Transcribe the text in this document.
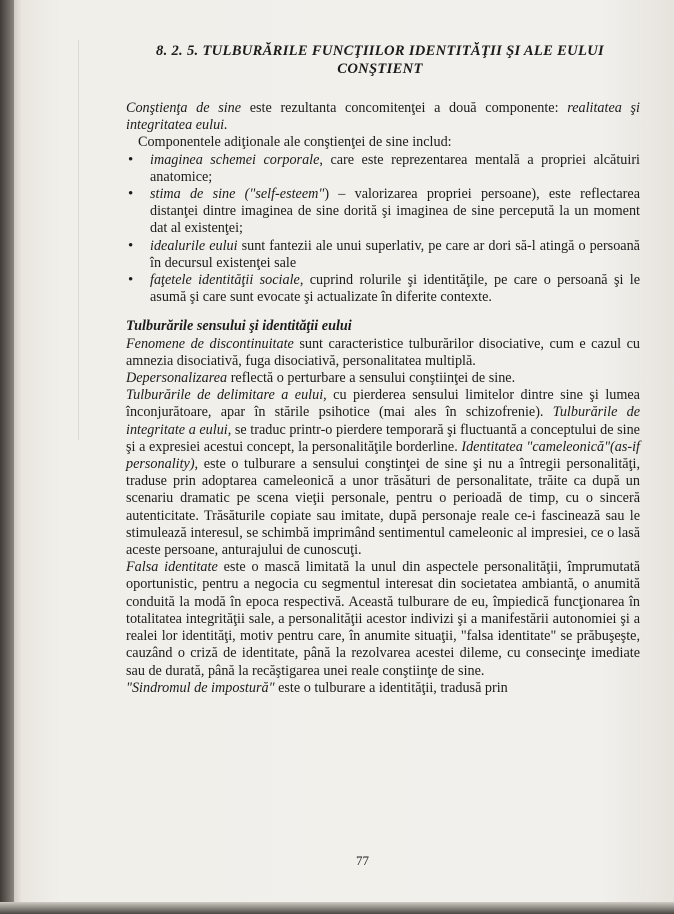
8. 2. 5. TULBURĂRILE FUNCŢIILOR IDENTITĂŢII ŞI ALE EULUI
CONŞTIENT

Conştienţa de sine este rezultanta concomitenţei a două componente: realitatea şi integritatea eului.

Componentele adiţionale ale conştienţei de sine includ:

• imaginea schemei corporale, care este reprezentarea mentală a propriei alcătuiri anatomice;
• stima de sine ("self-esteem") – valorizarea propriei persoane), este reflectarea distanţei dintre imaginea de sine dorită şi imaginea de sine percepută la un moment dat al existenţei;
• idealurile eului sunt fantezii ale unui superlativ, pe care ar dori să-l atingă o persoană în decursul existenţei sale
• faţetele identităţii sociale, cuprind rolurile şi identităţile, pe care o persoană şi le asumă şi care sunt evocate şi actualizate în diferite contexte.

Tulburările sensului şi identităţii eului

Fenomene de discontinuitate sunt caracteristice tulburărilor disociative, cum e cazul cu amnezia disociativă, fuga disociativă, personalitatea multiplă.

Depersonalizarea reflectă o perturbare a sensului conştiinţei de sine.

Tulburările de delimitare a eului, cu pierderea sensului limitelor dintre sine şi lumea înconjurătoare, apar în stările psihotice (mai ales în schizofrenie). Tulburările de integritate a eului, se traduc printr-o pierdere temporară şi fluctuantă a conceptului de sine şi a expresiei acestui concept, la personalităţile borderline. Identitatea "cameleonică"(as-if personality), este o tulburare a sensului conştinţei de sine şi nu a întregii personalităţi, traduse prin adoptarea cameleonică a unor trăsături de personalitate, trăite ca după un scenariu dramatic pe scena vieţii personale, pentru o perioadă de timp, cu o sinceră autenticitate. Trăsăturile copiate sau imitate, după personaje reale ce-i fascinează sau le stimulează interesul, se schimbă imprimând sentimentul cameleonic al impresiei, ce o lasă aceste persoane, anturajului de cunoscuţi.

Falsa identitate este o mască limitată la unul din aspectele personalităţii, împrumutată oportunistic, pentru a negocia cu segmentul interesat din societatea ambiantă, o anumită conduită la modă în epoca respectivă. Această tulburare de eu, împiedică funcţionarea în totalitatea integrităţii sale, a personalităţii acestor indivizi şi a manifestării autonomiei şi a realei lor identităţi, motiv pentru care, în anumite situaţii, "falsa identitate" se prăbuşeşte, cauzând o criză de identitate, până la rezolvarea acestei dileme, cu consecinţe imediate sau de durată, până la recăştigarea unei reale conştiinţe de sine.

"Sindromul de impostură" este o tulburare a identităţii, tradusă prin

77
